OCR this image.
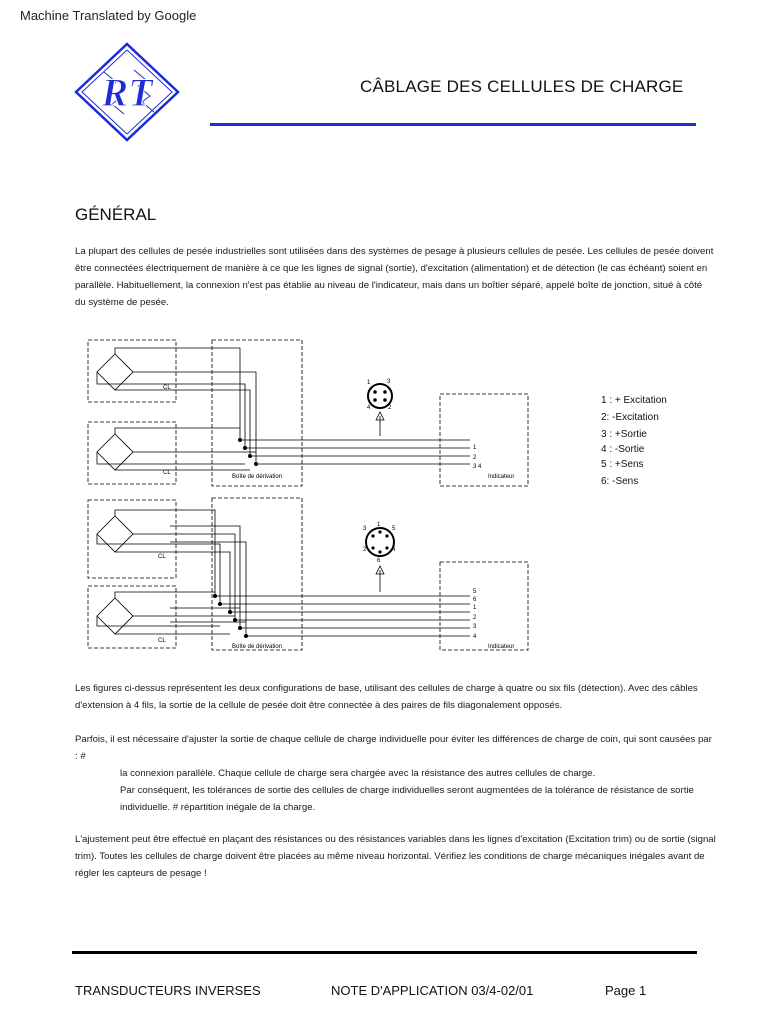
Machine Translated by Google
RT	CÂBLAGE DES CELLULES DE CHARGE
GÉNÉRAL
La plupart des cellules de pesée industrielles sont utilisées dans des systèmes de pesage à plusieurs cellules de pesée. Les cellules de pesée doivent être connectées électriquement de manière à ce que les lignes de signal (sortie), d'excitation (alimentation) et de détection (le cas échéant) soient en parallèle. Habituellement, la connexion n'est pas établie au niveau de l'indicateur, mais dans un boîtier séparé, appelé boîte de jonction, situé à côté du système de pesée.
CL
CL
CL
CL
Boîte de dérivation
Boîte de dérivation
Indicateur
Indicateur
1
2
3 4
5
6
1
2
3
4
1	3
4	2
3
1
5
2	4
6
1 : + Excitation
2: -Excitation
3 : +Sortie
4 : -Sortie
5 : +Sens
6: -Sens
Les figures ci-dessus représentent les deux configurations de base, utilisant des cellules de charge à quatre ou six fils (détection). Avec des câbles d'extension à 4 fils, la sortie de la cellule de pesée doit être connectée à des paires de fils diagonalement opposés.
Parfois, il est nécessaire d'ajuster la sortie de chaque cellule de charge individuelle pour éviter les différences de charge de coin, qui sont causées par : #
la connexion parallèle. Chaque cellule de charge sera chargée avec la résistance des autres cellules de charge.
Par conséquent, les tolérances de sortie des cellules de charge individuelles seront augmentées de la tolérance de résistance de sortie individuelle. # répartition inégale de la charge.
L'ajustement peut être effectué en plaçant des résistances ou des résistances variables dans les lignes d'excitation (Excitation trim) ou de sortie (signal trim). Toutes les cellules de charge doivent être placées au même niveau horizontal. Vérifiez les conditions de charge mécaniques inégales avant de régler les capteurs de pesage !
TRANSDUCTEURS INVERSES	NOTE D'APPLICATION 03/4-02/01	Page 1
